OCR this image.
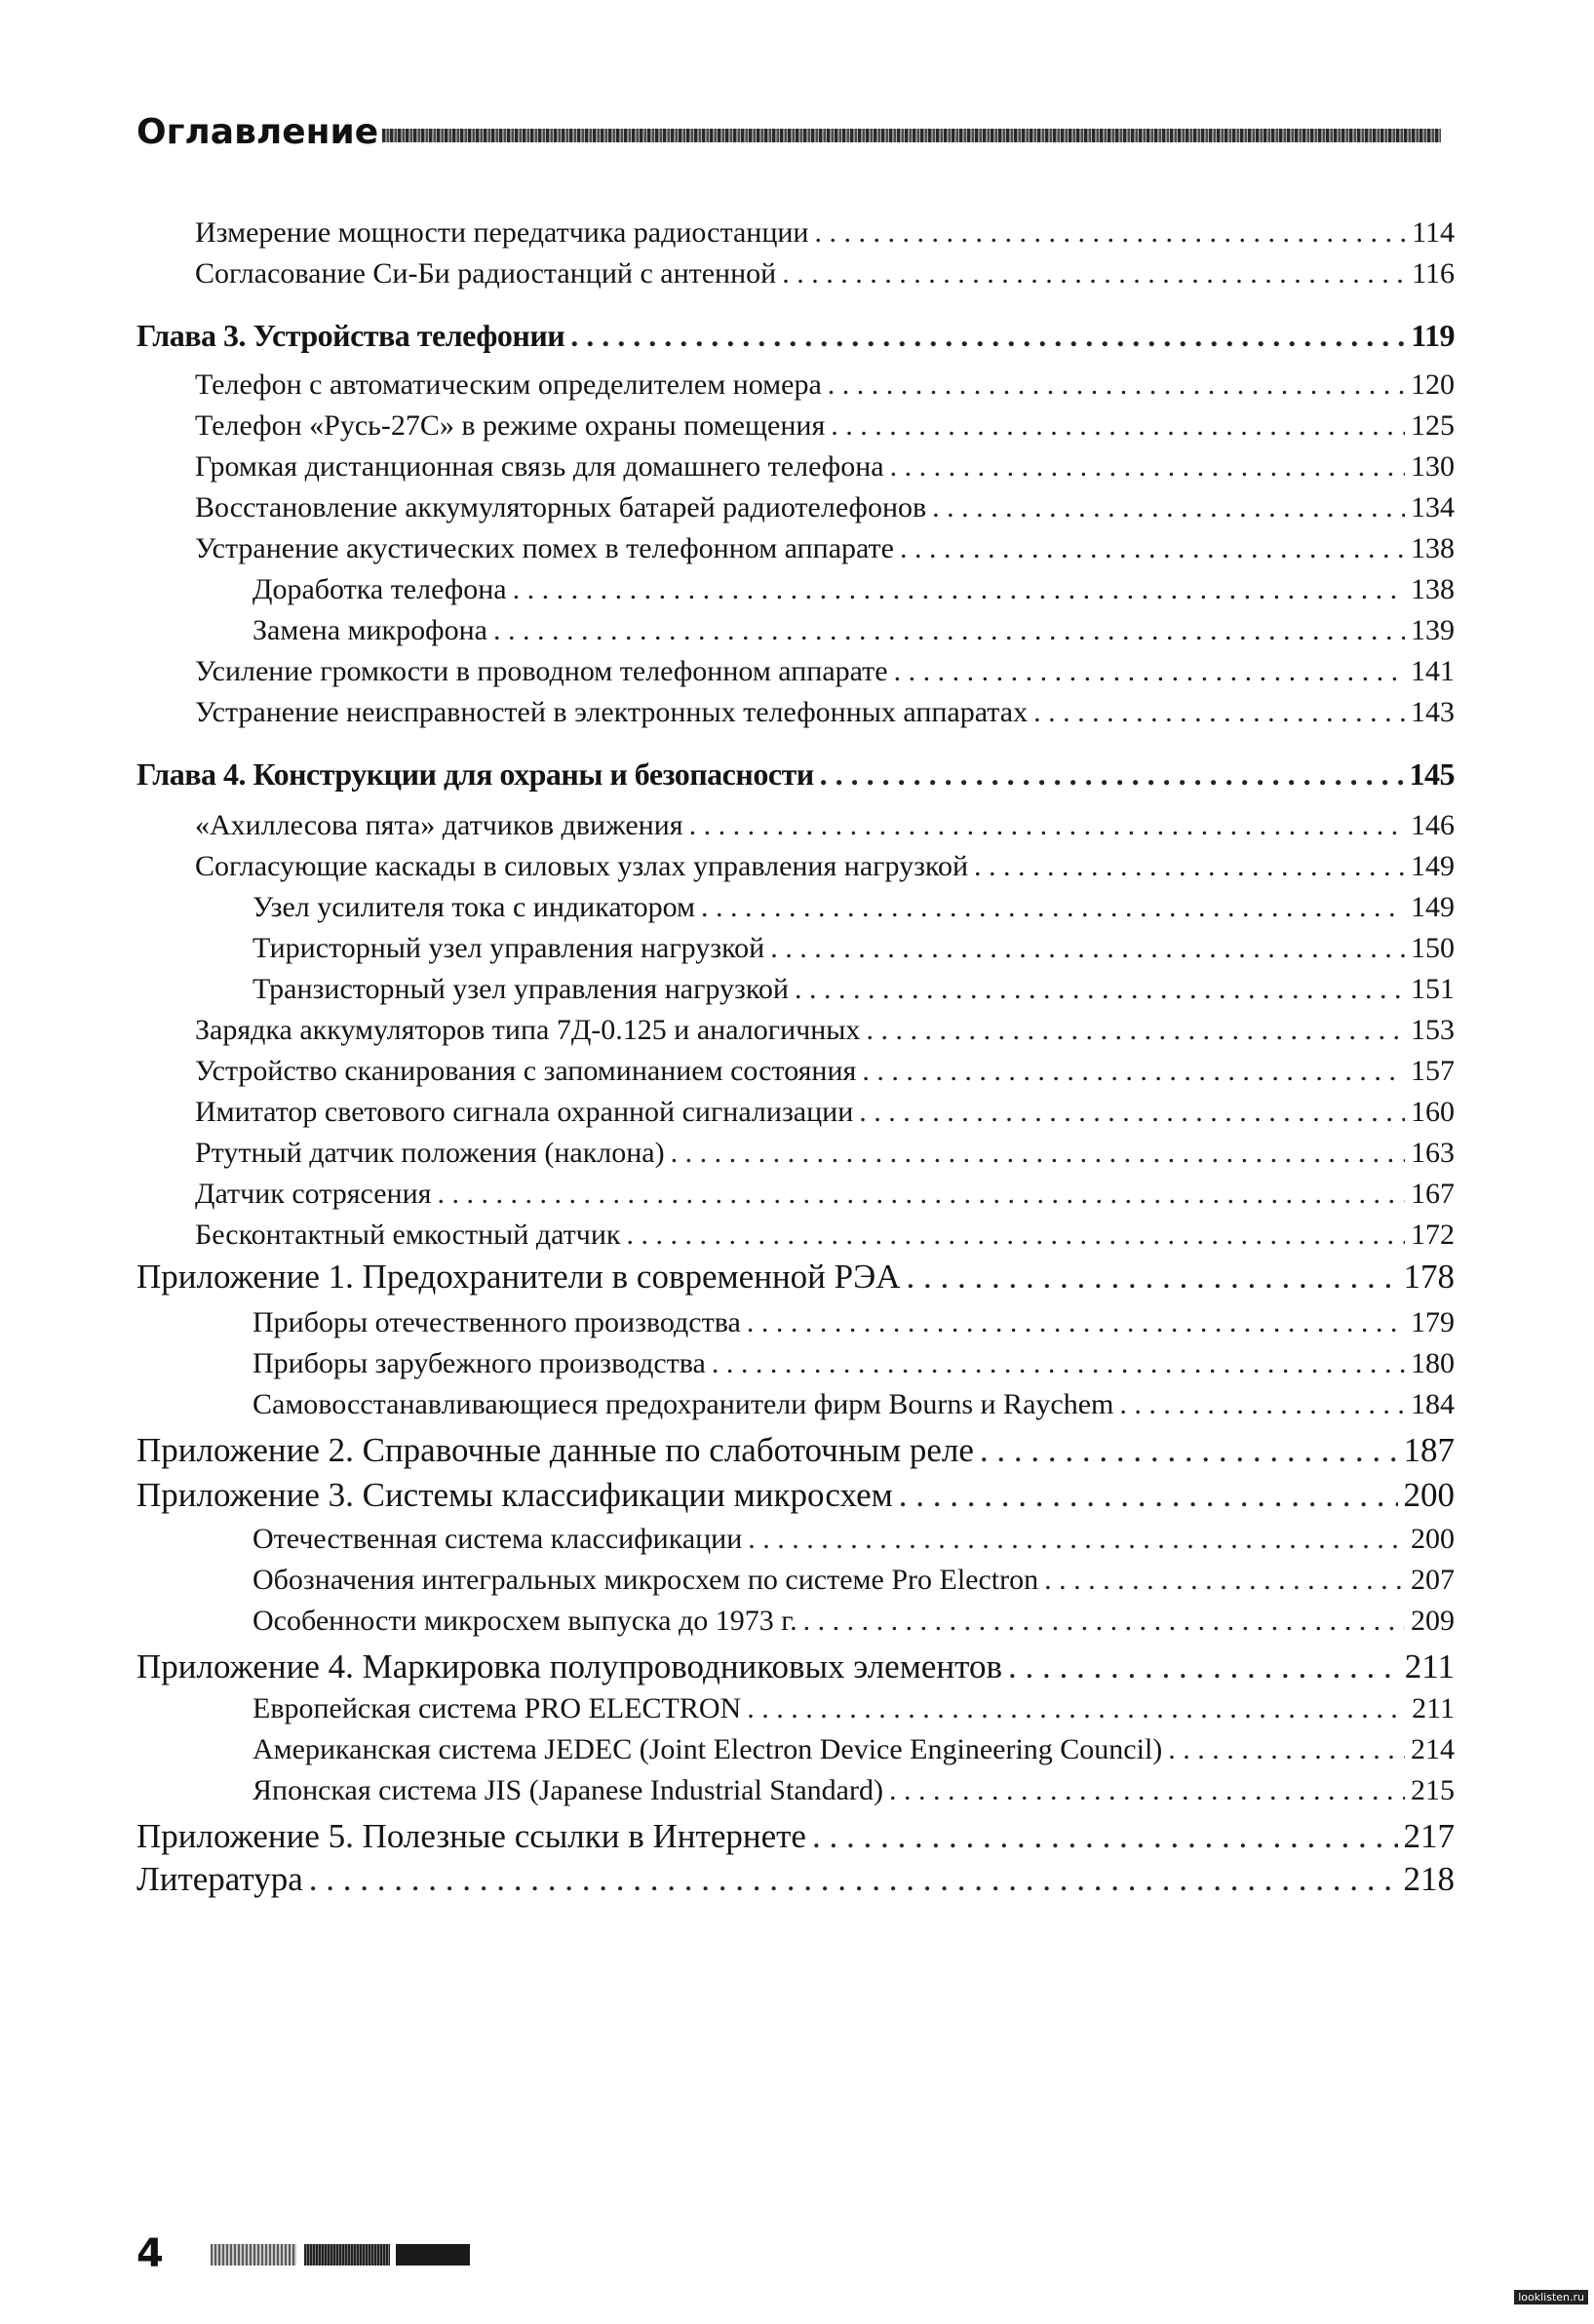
Оглавление
Измерение мощности передатчика радиостанции . . .	114
Согласование Си-Би радиостанций с антенной . . .	116
Глава 3. Устройства телефонии . . .	119
Телефон с автоматическим определителем номера . . .	120
Телефон «Русь-27С» в режиме охраны помещения . . .	125
Громкая дистанционная связь для домашнего телефона . . .	130
Восстановление аккумуляторных батарей радиотелефонов . . .	134
Устранение акустических помех в телефонном аппарате . . .	138
Доработка телефона . . .	138
Замена микрофона . . .	139
Усиление громкости в проводном телефонном аппарате . . .	141
Устранение неисправностей в электронных телефонных аппаратах . . .	143
Глава 4. Конструкции для охраны и безопасности . . .	145
«Ахиллесова пята» датчиков движения . . .	146
Согласующие каскады в силовых узлах управления нагрузкой . . .	149
Узел усилителя тока с индикатором . . .	149
Тиристорный узел управления нагрузкой . . .	150
Транзисторный узел управления нагрузкой . . .	151
Зарядка аккумуляторов типа 7Д-0.125 и аналогичных . . .	153
Устройство сканирования с запоминанием состояния . . .	157
Имитатор светового сигнала охранной сигнализации . . .	160
Ртутный датчик положения (наклона) . . .	163
Датчик сотрясения . . .	167
Бесконтактный емкостный датчик . . .	172
Приложение 1. Предохранители в современной РЭА . . .	178
Приборы отечественного производства . . .	179
Приборы зарубежного производства . . .	180
Самовосстанавливающиеся предохранители фирм Bourns и Raychem . . .	184
Приложение 2. Справочные данные по слаботочным реле . . .	187
Приложение 3. Системы классификации микросхем . . .	200
Отечественная система классификации . . .	200
Обозначения интегральных микросхем по системе Pro Electron . . .	207
Особенности микросхем выпуска до 1973 г. . . .	209
Приложение 4. Маркировка полупроводниковых элементов . . .	211
Европейская система PRO ELECTRON . . .	211
Американская система JEDEC (Joint Electron Device Engineering Council) . . .	214
Японская система JIS (Japanese Industrial Standard) . . .	215
Приложение 5. Полезные ссылки в Интернете . . .	217
Литература . . .	218
4
looklisten.ru
